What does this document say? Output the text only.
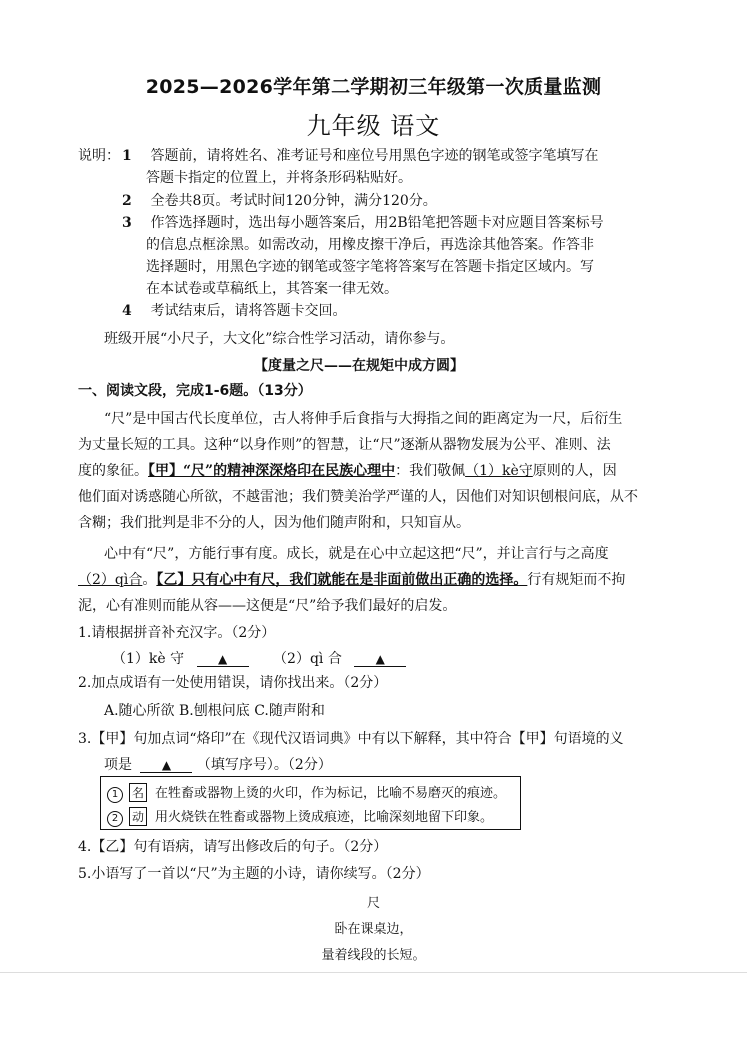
2025—2026学年第二学期初三年级第一次质量监测
九年级 语文
说明： 1 答题前，请将姓名、准考证号和座位号用黑色字迹的钢笔或签字笔填写在
答题卡指定的位置上，并将条形码粘贴好。
2 全卷共8页。考试时间120分钟，满分120分。
3 作答选择题时，选出每小题答案后，用2B铅笔把答题卡对应题目答案标号
的信息点框涂黑。如需改动，用橡皮擦干净后，再选涂其他答案。作答非
选择题时，用黑色字迹的钢笔或签字笔将答案写在答题卡指定区域内。写
在本试卷或草稿纸上，其答案一律无效。
4 考试结束后，请将答题卡交回。
班级开展“小尺子，大文化”综合性学习活动，请你参与。
【度量之尺——在规矩中成方圆】
一、阅读文段，完成1-6题。（13分）
“尺”是中国古代长度单位，古人将伸手后食指与大拇指之间的距离定为一尺，后衍生
为丈量长短的工具。这种“以身作则”的智慧，让“尺”逐渐从器物发展为公平、准则、法
度的象征。【甲】“尺”的精神深深烙印在民族心理中：我们敬佩（1）kè守原则的人，因
他们面对诱惑随心所欲，不越雷池；我们赞美治学严谨的人，因他们对知识刨根问底，从不
含糊；我们批判是非不分的人，因为他们随声附和，只知盲从。
心中有“尺”，方能行事有度。成长，就是在心中立起这把“尺”，并让言行与之高度
（2）qì合。【乙】只有心中有尺，我们就能在是非面前做出正确的选择。行有规矩而不拘
泥，心有准则而能从容——这便是“尺”给予我们最好的启发。
1.请根据拼音补充汉字。（2分）
（1）kè 守	▲	（2）qì 合	▲
2.加点成语有一处使用错误，请你找出来。（2分）
A.随心所欲 B.刨根问底 C.随声附和
3.【甲】句加点词“烙印”在《现代汉语词典》中有以下解释，其中符合【甲】句语境的义
项是 ▲ （填写序号）。（2分）
1 名 在牲畜或器物上烫的火印，作为标记，比喻不易磨灭的痕迹。
2 动 用火烧铁在牲畜或器物上烫成痕迹，比喻深刻地留下印象。
4.【乙】句有语病，请写出修改后的句子。（2分）
5.小语写了一首以“尺”为主题的小诗，请你续写。（2分）
尺
卧在课桌边，
量着线段的长短。
